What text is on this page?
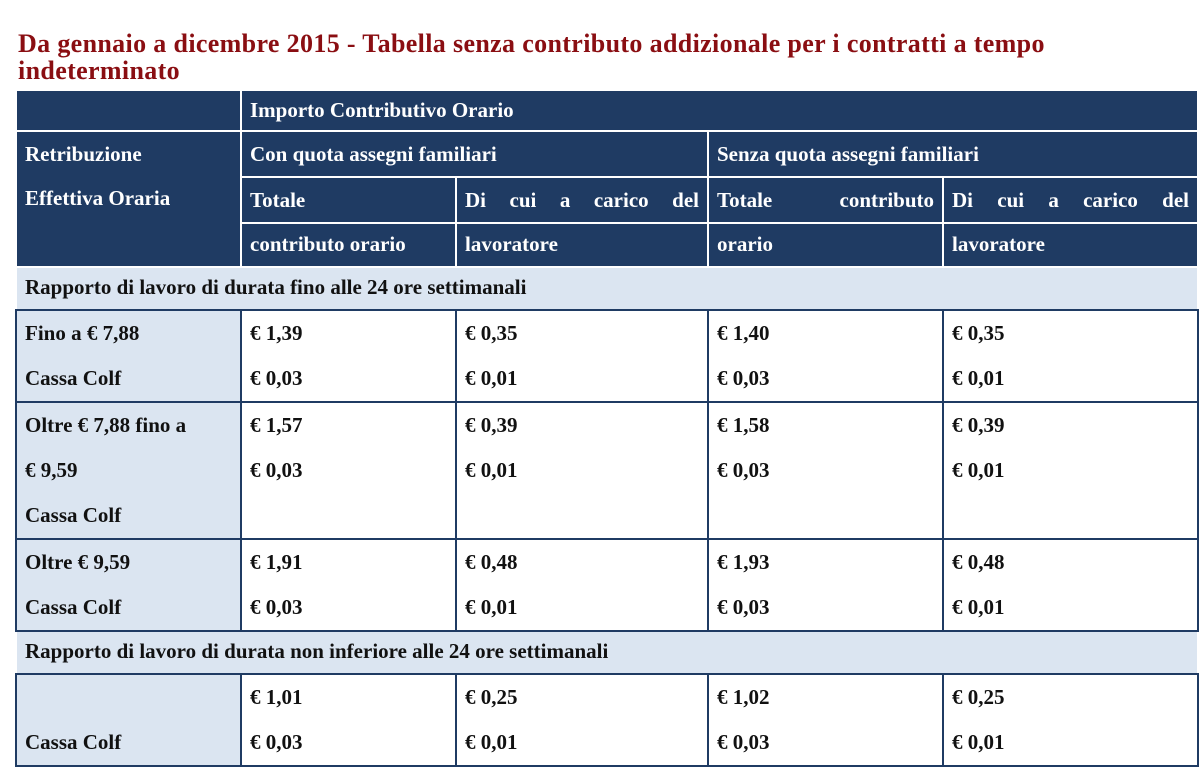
Da gennaio a dicembre 2015 - Tabella senza contributo addizionale per i contratti a tempo indeterminato
	Importo Contributivo Orario			

Retribuzione
Effettiva Oraria	Con quota assegni familiari		Senza quota assegni familiari	
	Totale	Di cui a carico del	Totale contributo	Di cui a carico del

	contributo orario	lavoratore	orario	lavoratore
Rapporto di lavoro di durata fino alle 24 ore settimanali				
Fino a € 7,88	€ 1,39	€ 0,35	€ 1,40	€ 0,35
Cassa Colf	€ 0,03	€ 0,01	€ 0,03	€ 0,01
Oltre € 7,88 fino a	€ 1,57	€ 0,39	€ 1,58	€ 0,39
€ 9,59	€ 0,03	€ 0,01	€ 0,03	€ 0,01
Cassa Colf				
Oltre € 9,59	€ 1,91	€ 0,48	€ 1,93	€ 0,48
Cassa Colf	€ 0,03	€ 0,01	€ 0,03	€ 0,01
Rapporto di lavoro di durata non inferiore alle 24 ore settimanali				
	€ 1,01	€ 0,25	€ 1,02	€ 0,25
Cassa Colf	€ 0,03	€ 0,01	€ 0,03	€ 0,01
